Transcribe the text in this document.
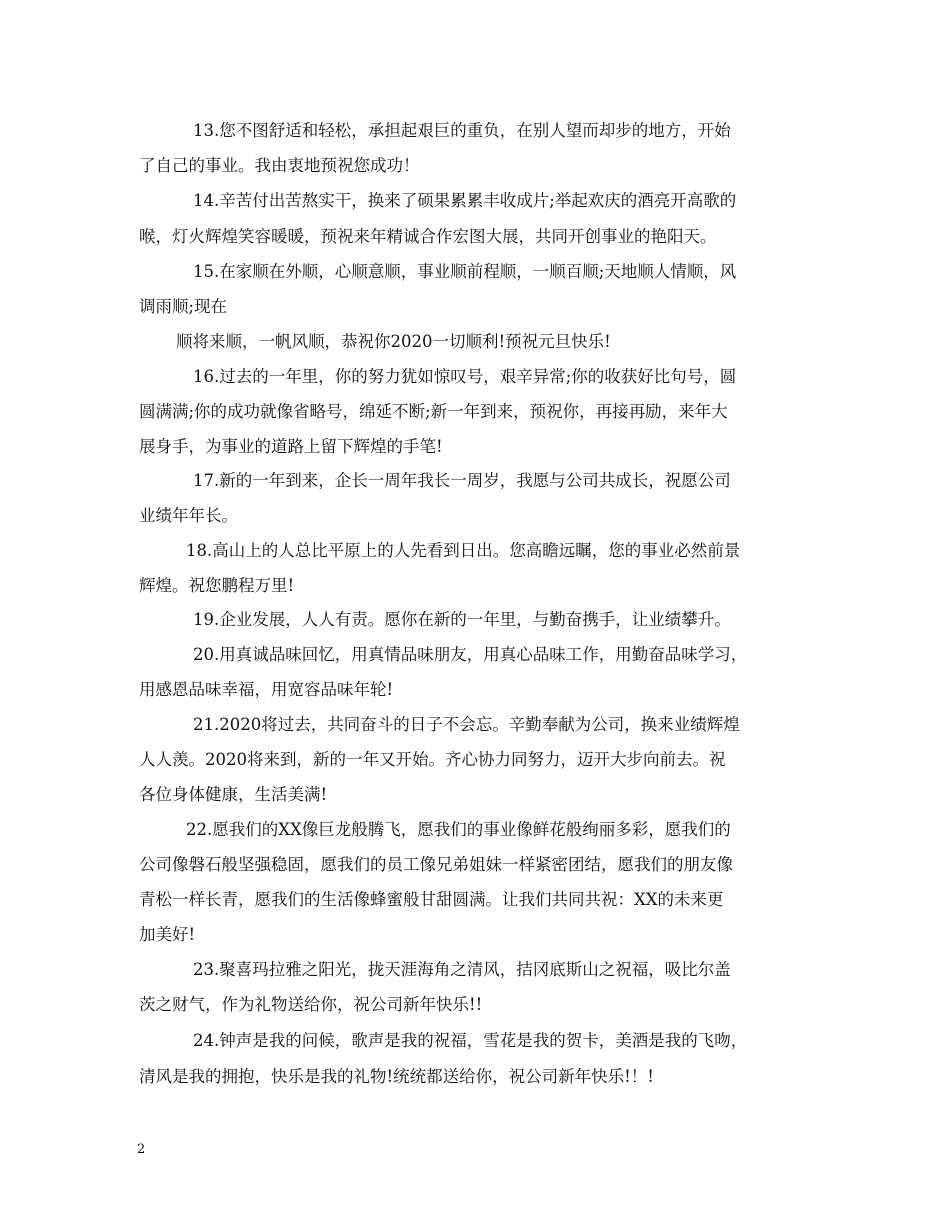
13.您不图舒适和轻松，承担起艰巨的重负，在别人望而却步的地方，开始
了自己的事业。我由衷地预祝您成功！
14.辛苦付出苦熬实干，换来了硕果累累丰收成片;举起欢庆的酒亮开高歌的
喉，灯火辉煌笑容暖暖，预祝来年精诚合作宏图大展，共同开创事业的艳阳天。
15.在家顺在外顺，心顺意顺，事业顺前程顺，一顺百顺;天地顺人情顺，风
调雨顺;现在
顺将来顺，一帆风顺，恭祝你2020一切顺利!预祝元旦快乐!
16.过去的一年里，你的努力犹如惊叹号，艰辛异常;你的收获好比句号，圆
圆满满;你的成功就像省略号，绵延不断;新一年到来，预祝你，再接再励，来年大
展身手，为事业的道路上留下辉煌的手笔!
17.新的一年到来，企长一周年我长一周岁，我愿与公司共成长，祝愿公司
业绩年年长。
18.高山上的人总比平原上的人先看到日出。您高瞻远瞩，您的事业必然前景
辉煌。祝您鹏程万里!
19.企业发展，人人有责。愿你在新的一年里，与勤奋携手，让业绩攀升。
20.用真诚品味回忆，用真情品味朋友，用真心品味工作，用勤奋品味学习，
用感恩品味幸福，用宽容品味年轮!
21.2020将过去，共同奋斗的日子不会忘。辛勤奉献为公司，换来业绩辉煌
人人羡。2020将来到，新的一年又开始。齐心协力同努力，迈开大步向前去。祝
各位身体健康，生活美满!
22.愿我们的XX像巨龙般腾飞，愿我们的事业像鲜花般绚丽多彩，愿我们的
公司像磐石般坚强稳固，愿我们的员工像兄弟姐妹一样紧密团结，愿我们的朋友像
青松一样长青，愿我们的生活像蜂蜜般甘甜圆满。让我们共同共祝：XX的未来更
加美好!
23.聚喜玛拉雅之阳光，拢天涯海角之清风，拮冈底斯山之祝福，吸比尔盖
茨之财气，作为礼物送给你，祝公司新年快乐!!
24.钟声是我的问候，歌声是我的祝福，雪花是我的贺卡，美酒是我的飞吻，
清风是我的拥抱，快乐是我的礼物!统统都送给你，祝公司新年快乐!！!
2
